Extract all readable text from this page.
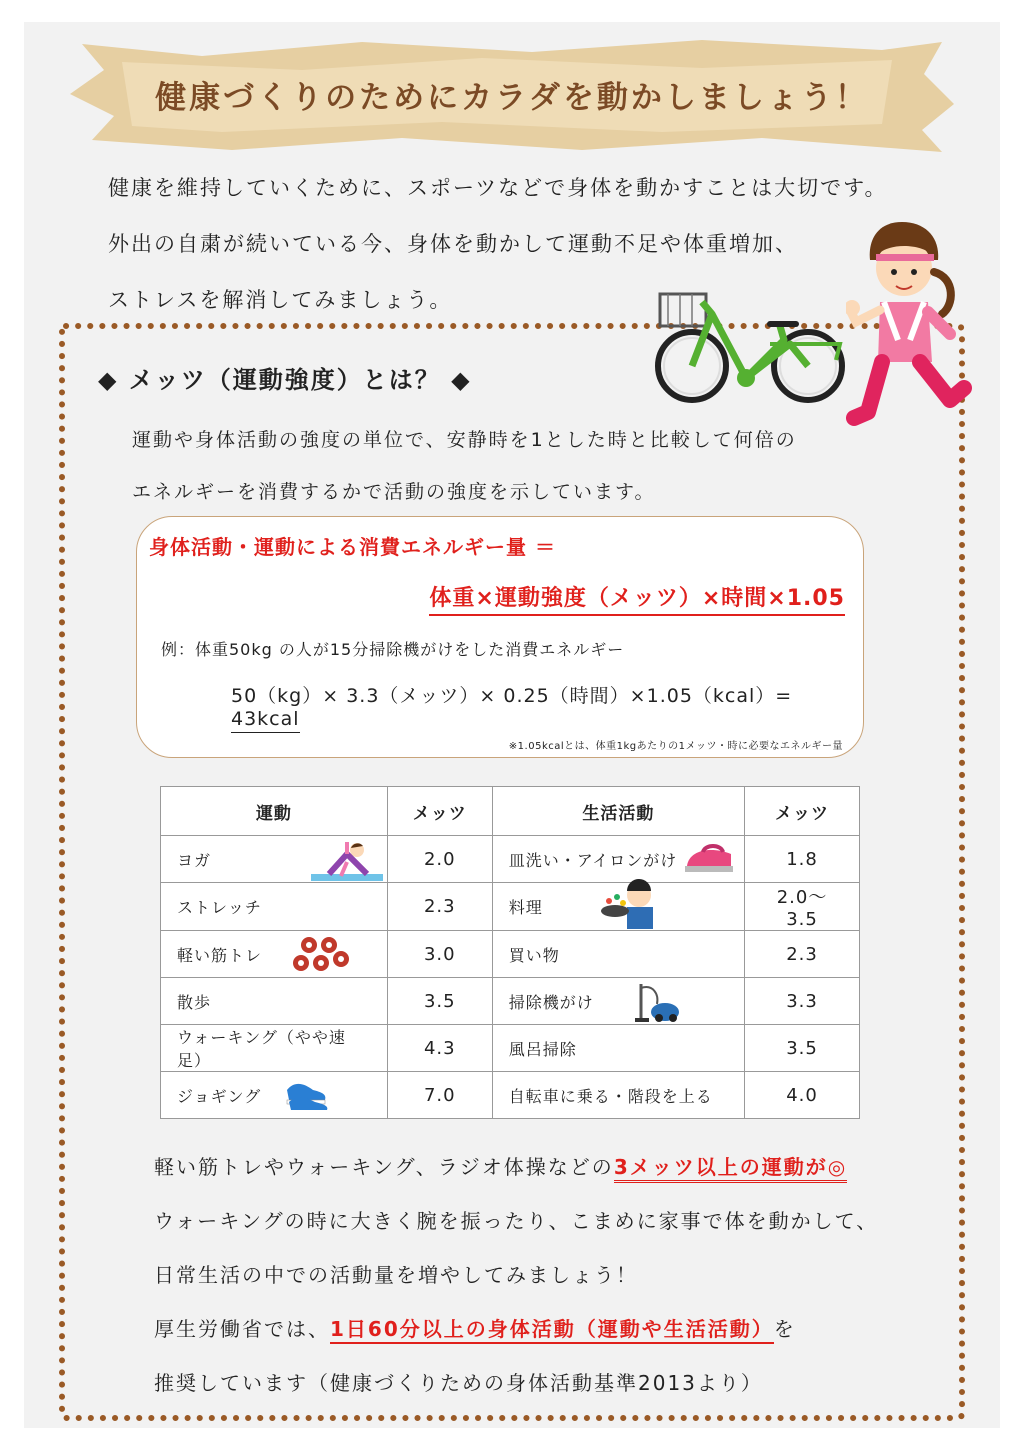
健康づくりのためにカラダを動かしましょう！

健康を維持していくために、スポーツなどで身体を動かすことは大切です。

外出の自粛が続いている今、身体を動かして運動不足や体重増加、

ストレスを解消してみましょう。

◆ メッツ（運動強度）とは？ ◆

運動や身体活動の強度の単位で、安静時を1とした時と比較して何倍の

エネルギーを消費するかで活動の強度を示しています。

身体活動・運動による消費エネルギー量 ＝
体重×運動強度（メッツ）×時間×1.05
例：体重50kg の人が15分掃除機がけをした消費エネルギー
50（kg）× 3.3（メッツ）× 0.25（時間）×1.05（kcal）= 43kcal
※1.05kcalとは、体重1kgあたりの1メッツ・時に必要なエネルギー量
運動	メッツ	生活活動	メッツ
ヨガ	2.0	皿洗い・アイロンがけ	1.8
ストレッチ	2.3	料理	2.0～3.5
軽い筋トレ	3.0	買い物	2.3
散歩	3.5	掃除機がけ	3.3
ウォーキング（やや速足）	4.3	風呂掃除	3.5
ジョギング	7.0	自転車に乗る・階段を上る	4.0

軽い筋トレやウォーキング、ラジオ体操などの3メッツ以上の運動が◎

ウォーキングの時に大きく腕を振ったり、こまめに家事で体を動かして、

日常生活の中での活動量を増やしてみましょう！

厚生労働省では、1日60分以上の身体活動（運動や生活活動）を

推奨しています（健康づくりための身体活動基準2013より）
